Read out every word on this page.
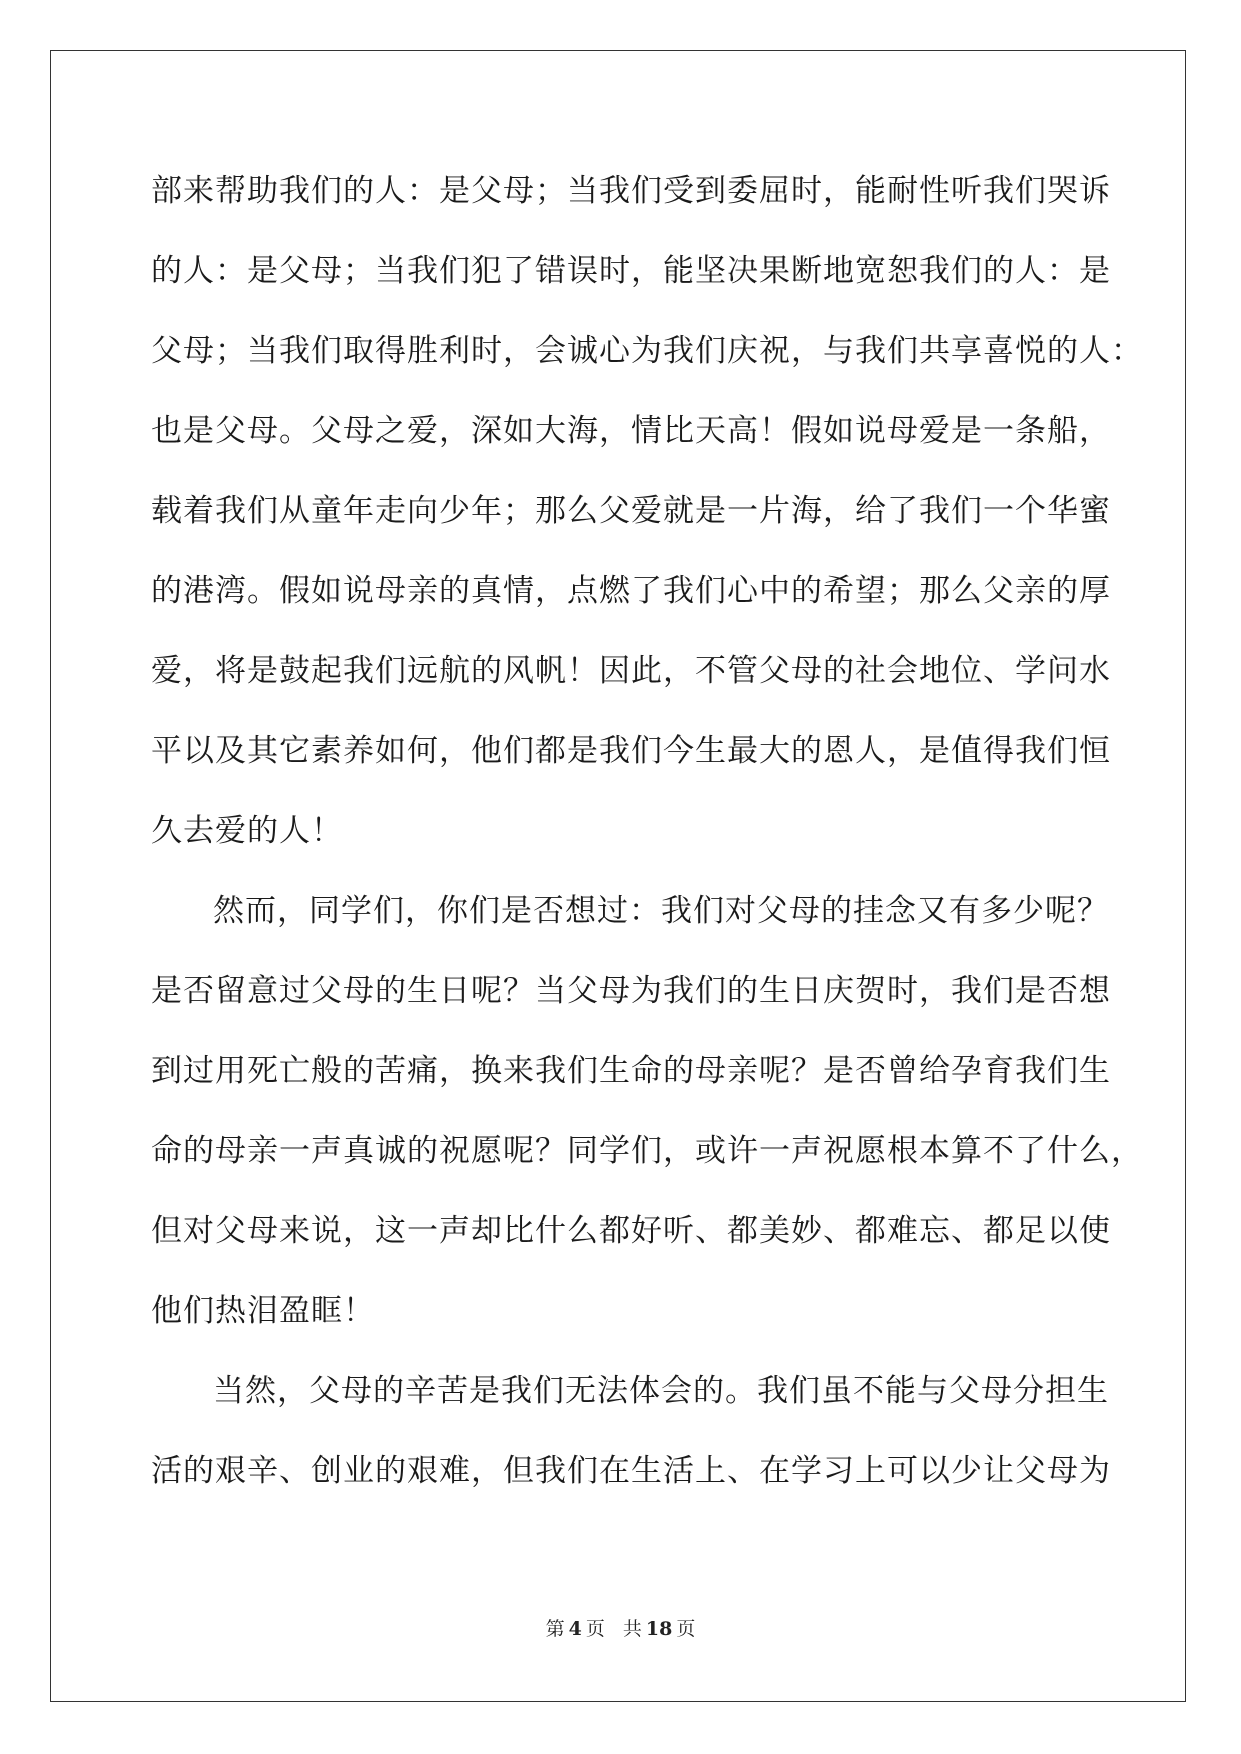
部来帮助我们的人：是父母；当我们受到委屈时，能耐性听我们哭诉
的人：是父母；当我们犯了错误时，能坚决果断地宽恕我们的人：是
父母；当我们取得胜利时，会诚心为我们庆祝，与我们共享喜悦的人：
也是父母。父母之爱，深如大海，情比天高！假如说母爱是一条船，
载着我们从童年走向少年；那么父爱就是一片海，给了我们一个华蜜
的港湾。假如说母亲的真情，点燃了我们心中的希望；那么父亲的厚
爱，将是鼓起我们远航的风帆！因此，不管父母的社会地位、学问水
平以及其它素养如何，他们都是我们今生最大的恩人，是值得我们恒
久去爱的人！
然而，同学们，你们是否想过：我们对父母的挂念又有多少呢？
是否留意过父母的生日呢？当父母为我们的生日庆贺时，我们是否想
到过用死亡般的苦痛，换来我们生命的母亲呢？是否曾给孕育我们生
命的母亲一声真诚的祝愿呢？同学们，或许一声祝愿根本算不了什么，
但对父母来说，这一声却比什么都好听、都美妙、都难忘、都足以使
他们热泪盈眶！
当然，父母的辛苦是我们无法体会的。我们虽不能与父母分担生
活的艰辛、创业的艰难，但我们在生活上、在学习上可以少让父母为
第 4 页 共 18 页
